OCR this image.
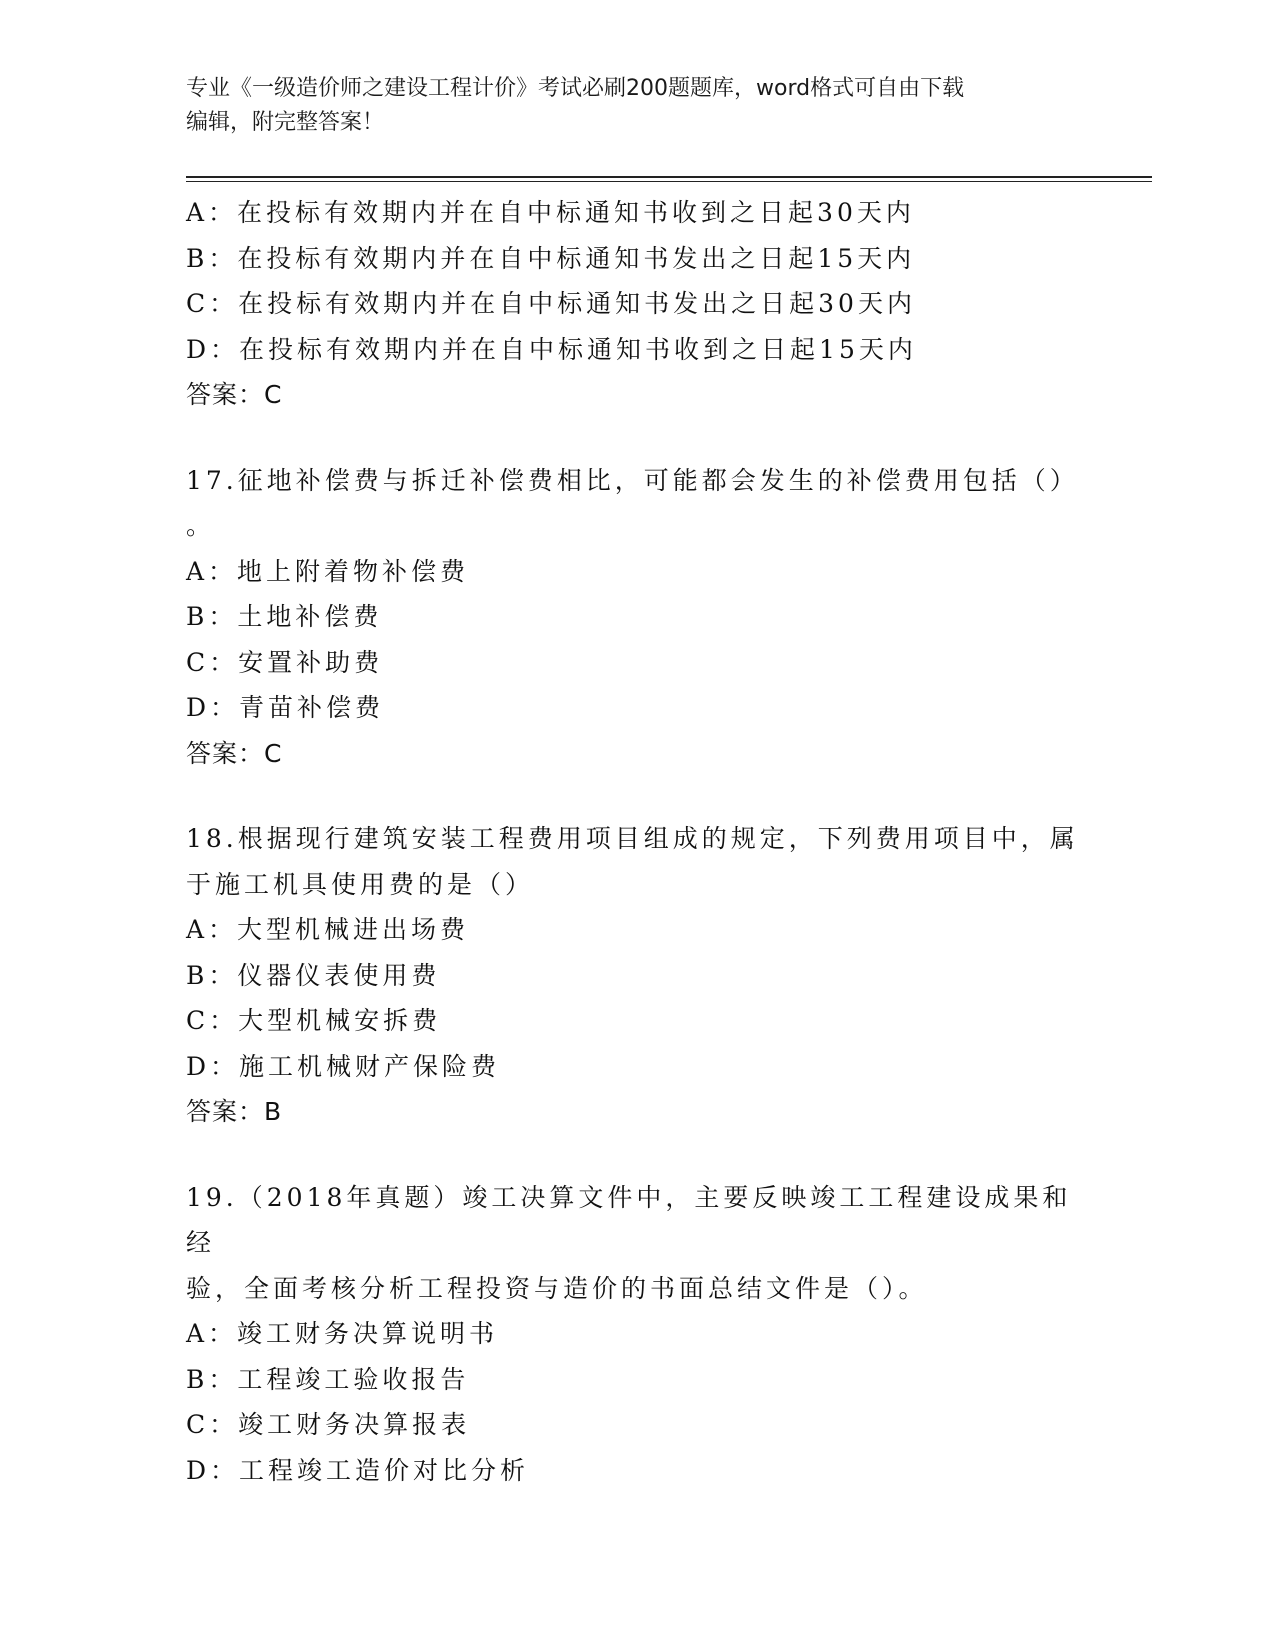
专业《一级造价师之建设工程计价》考试必刷200题题库，word格式可自由下载
编辑，附完整答案！
A：在投标有效期内并在自中标通知书收到之日起30天内
B：在投标有效期内并在自中标通知书发出之日起15天内
C：在投标有效期内并在自中标通知书发出之日起30天内
D：在投标有效期内并在自中标通知书收到之日起15天内
答案：C
17.征地补偿费与拆迁补偿费相比，可能都会发生的补偿费用包括（）
。
A：地上附着物补偿费
B：土地补偿费
C：安置补助费
D：青苗补偿费
答案：C
18.根据现行建筑安装工程费用项目组成的规定，下列费用项目中，属
于施工机具使用费的是（）
A：大型机械进出场费
B：仪器仪表使用费
C：大型机械安拆费
D：施工机械财产保险费
答案：B
19.（2018年真题）竣工决算文件中，主要反映竣工工程建设成果和经
验，全面考核分析工程投资与造价的书面总结文件是（）。
A：竣工财务决算说明书
B：工程竣工验收报告
C：竣工财务决算报表
D：工程竣工造价对比分析
